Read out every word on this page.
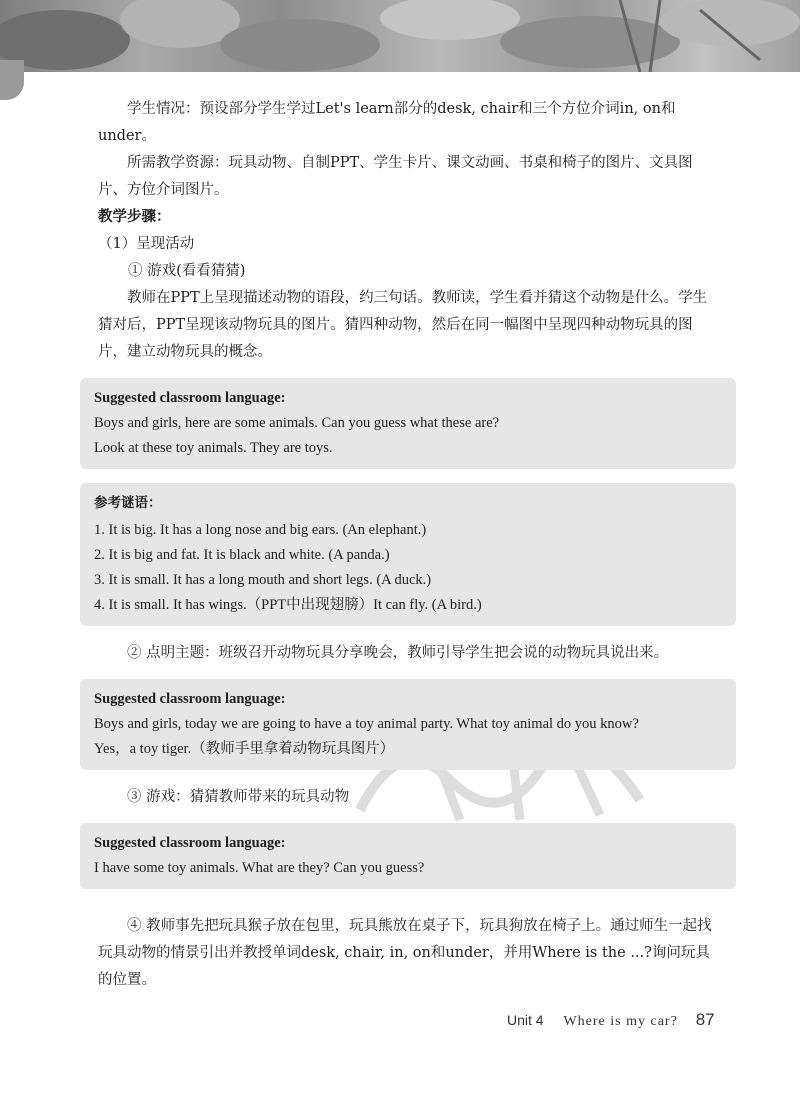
学生情况：预设部分学生学过Let's learn部分的desk, chair和三个方位介词in, on和under。

所需教学资源：玩具动物、自制PPT、学生卡片、课文动画、书桌和椅子的图片、文具图片、方位介词图片。

教学步骤：

（1）呈现活动

① 游戏(看看猜猜)

教师在PPT上呈现描述动物的语段，约三句话。教师读，学生看并猜这个动物是什么。学生猜对后，PPT呈现该动物玩具的图片。猜四种动物，然后在同一幅图中呈现四种动物玩具的图片，建立动物玩具的概念。

Suggested classroom language:

Boys and girls, here are some animals. Can you guess what these are?

Look at these toy animals. They are toys.

参考谜语：

1. It is big. It has a long nose and big ears. (An elephant.)

2. It is big and fat. It is black and white. (A panda.)

3. It is small. It has a long mouth and short legs. (A duck.)

4. It is small. It has wings.（PPT中出现翅膀）It can fly. (A bird.)

② 点明主题：班级召开动物玩具分享晚会，教师引导学生把会说的动物玩具说出来。

Suggested classroom language:

Boys and girls, today we are going to have a toy animal party. What toy animal do you know?

Yes，a toy tiger.（教师手里拿着动物玩具图片）

③ 游戏：猜猜教师带来的玩具动物

Suggested classroom language:

I have some toy animals. What are they? Can you guess?

④ 教师事先把玩具猴子放在包里，玩具熊放在桌子下，玩具狗放在椅子上。通过师生一起找玩具动物的情景引出并教授单词desk, chair, in, on和under，并用Where is the ...?询问玩具的位置。

Unit 4 Where is my car? 87
